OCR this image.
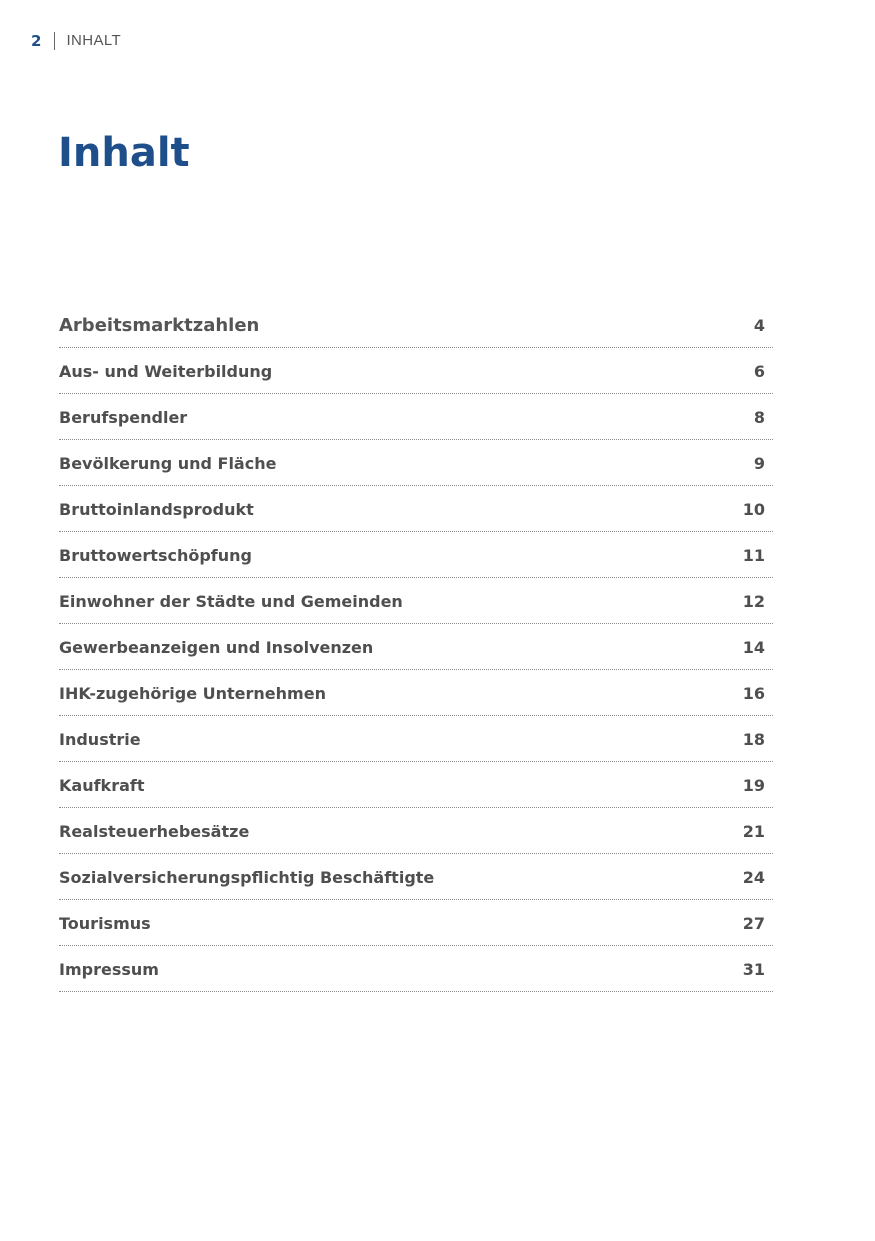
2 INHALT
Inhalt
Arbeitsmarktzahlen	4
Aus- und Weiterbildung	6
Berufspendler	8
Bevölkerung und Fläche	9
Bruttoinlandsprodukt	10
Bruttowertschöpfung	11
Einwohner der Städte und Gemeinden	12
Gewerbeanzeigen und Insolvenzen	14
IHK-zugehörige Unternehmen	16
Industrie	18
Kaufkraft	19
Realsteuerhebesätze	21
Sozialversicherungspflichtig Beschäftigte	24
Tourismus	27
Impressum	31
